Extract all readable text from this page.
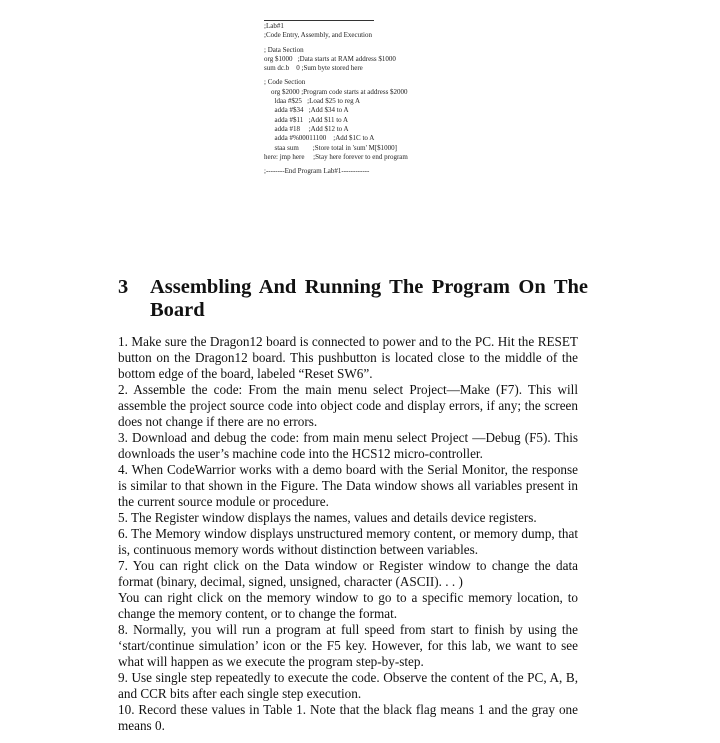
;Lab#1
;Code Entry, Assembly, and Execution
; Data Section
org $1000   ;Data starts at RAM address $1000
sum dc.b    0 ;Sum byte stored here
; Code Section
org $2000 ;Program code starts at address $2000
ldaa #$25   ;Load $25 to reg A
adda #$34   ;Add $34 to A
adda #$11   ;Add $11 to A
adda #18     ;Add $12 to A
adda #%00011100    ;Add $1C to A
staa sum        ;Store total in 'sum' M[$1000]
here: jmp here     ;Stay here forever to end program
;--------End Program Lab#1------------
3	Assembling And Running The Program On The Board

1. Make sure the Dragon12 board is connected to power and to the PC. Hit the RESET button on the Dragon12 board. This pushbutton is located close to the middle of the bottom edge of the board, labeled “Reset SW6”.

2. Assemble the code: From the main menu select Project—Make (F7). This will assemble the project source code into object code and display errors, if any; the screen does not change if there are no errors.

3. Download and debug the code: from main menu select Project —Debug (F5). This downloads the user’s machine code into the HCS12 micro-controller.

4. When CodeWarrior works with a demo board with the Serial Monitor, the response is similar to that shown in the Figure. The Data window shows all variables present in the current source module or procedure.

5. The Register window displays the names, values and details device registers.

6. The Memory window displays unstructured memory content, or memory dump, that is, continuous memory words without distinction between variables.

7. You can right click on the Data window or Register window to change the data format (binary, decimal, signed, unsigned, character (ASCII). . . )

You can right click on the memory window to go to a specific memory location, to change the memory content, or to change the format.

8. Normally, you will run a program at full speed from start to finish by using the ‘start/continue simulation’ icon or the F5 key. However, for this lab, we want to see what will happen as we execute the program step-by-step.

9. Use single step repeatedly to execute the code. Observe the content of the PC, A, B, and CCR bits after each single step execution.

10. Record these values in Table 1. Note that the black flag means 1 and the gray one means 0.
